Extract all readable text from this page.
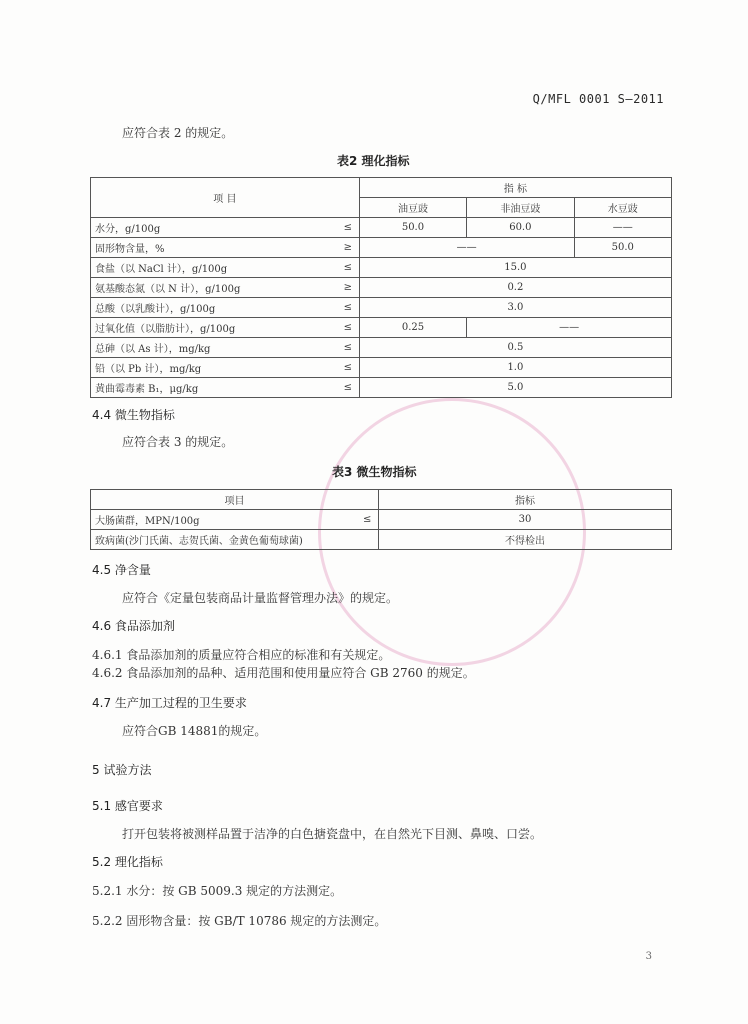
Q/MFL 0001 S—2011
应符合表 2 的规定。
表2 理化指标
项 目		指 标		
		油豆豉	非油豆豉	水豆豉
水分，g/100g	≤	50.0	60.0	——
固形物含量，%	≥	——		50.0
食盐（以 NaCl 计），g/100g	≤	15.0		
氨基酸态氮（以 N 计），g/100g	≥	0.2		
总酸（以乳酸计），g/100g	≤	3.0		
过氧化值（以脂肪计），g/100g	≤	0.25	——	
总砷（以 As 计），mg/kg	≤	0.5		
铅（以 Pb 计），mg/kg	≤	1.0		
黄曲霉毒素 B₁，μg/kg	≤	5.0		
4.4 微生物指标
应符合表 3 的规定。
表3 微生物指标
项目		指标
大肠菌群，MPN/100g	≤	30
致病菌(沙门氏菌、志贺氏菌、金黄色葡萄球菌)		不得检出
4.5 净含量
应符合《定量包装商品计量监督管理办法》的规定。
4.6 食品添加剂
4.6.1 食品添加剂的质量应符合相应的标准和有关规定。
4.6.2 食品添加剂的品种、适用范围和使用量应符合 GB 2760 的规定。
4.7 生产加工过程的卫生要求
应符合GB 14881的规定。
5 试验方法
5.1 感官要求
打开包装将被测样品置于洁净的白色搪瓷盘中，在自然光下目测、鼻嗅、口尝。
5.2 理化指标
5.2.1 水分：按 GB 5009.3 规定的方法测定。
5.2.2 固形物含量：按 GB/T 10786 规定的方法测定。
3
